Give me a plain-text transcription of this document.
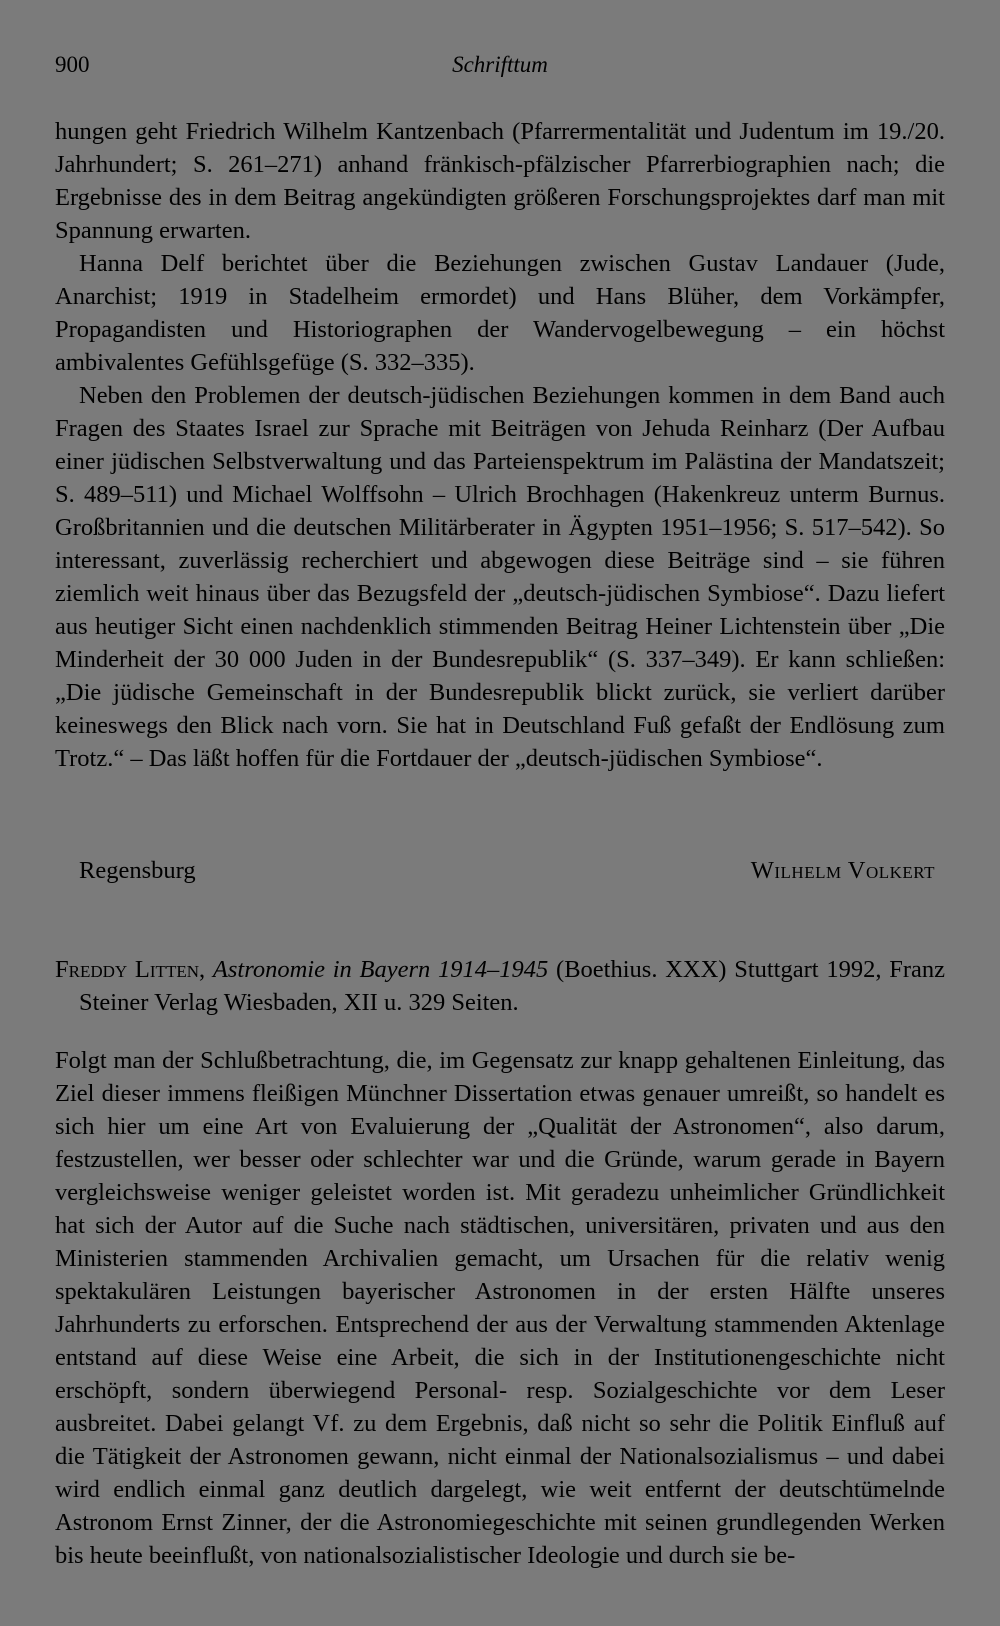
900	Schrifttum

hungen geht Friedrich Wilhelm Kantzenbach (Pfarrermentalität und Judentum im 19./20. Jahrhundert; S. 261–271) anhand fränkisch-pfälzischer Pfarrerbiographien nach; die Ergebnisse des in dem Beitrag angekündigten größeren Forschungsprojektes darf man mit Spannung erwarten.

Hanna Delf berichtet über die Beziehungen zwischen Gustav Landauer (Jude, Anarchist; 1919 in Stadelheim ermordet) und Hans Blüher, dem Vorkämpfer, Propagandisten und Historiographen der Wandervogelbewegung – ein höchst ambivalentes Gefühlsgefüge (S. 332–335).

Neben den Problemen der deutsch-jüdischen Beziehungen kommen in dem Band auch Fragen des Staates Israel zur Sprache mit Beiträgen von Jehuda Reinharz (Der Aufbau einer jüdischen Selbstverwaltung und das Parteienspektrum im Palästina der Mandatszeit; S. 489–511) und Michael Wolffsohn – Ulrich Brochhagen (Hakenkreuz unterm Burnus. Großbritannien und die deutschen Militärberater in Ägypten 1951–1956; S. 517–542). So interessant, zuverlässig recherchiert und abgewogen diese Beiträge sind – sie führen ziemlich weit hinaus über das Bezugsfeld der „deutsch-jüdischen Symbiose“. Dazu liefert aus heutiger Sicht einen nachdenklich stimmenden Beitrag Heiner Lichtenstein über „Die Minderheit der 30 000 Juden in der Bundesrepublik“ (S. 337–349). Er kann schließen: „Die jüdische Gemeinschaft in der Bundesrepublik blickt zurück, sie verliert darüber keineswegs den Blick nach vorn. Sie hat in Deutschland Fuß gefaßt der Endlösung zum Trotz.“ – Das läßt hoffen für die Fortdauer der „deutsch-jüdischen Symbiose“.

Regensburg	Wilhelm Volkert

Freddy Litten, Astronomie in Bayern 1914–1945 (Boethius. XXX) Stuttgart 1992, Franz Steiner Verlag Wiesbaden, XII u. 329 Seiten.

Folgt man der Schlußbetrachtung, die, im Gegensatz zur knapp gehaltenen Einleitung, das Ziel dieser immens fleißigen Münchner Dissertation etwas genauer umreißt, so handelt es sich hier um eine Art von Evaluierung der „Qualität der Astronomen“, also darum, festzustellen, wer besser oder schlechter war und die Gründe, warum gerade in Bayern vergleichsweise weniger geleistet worden ist. Mit geradezu unheimlicher Gründlichkeit hat sich der Autor auf die Suche nach städtischen, universitären, privaten und aus den Ministerien stammenden Archivalien gemacht, um Ursachen für die relativ wenig spektakulären Leistungen bayerischer Astronomen in der ersten Hälfte unseres Jahrhunderts zu erforschen. Entsprechend der aus der Verwaltung stammenden Aktenlage entstand auf diese Weise eine Arbeit, die sich in der Institutionengeschichte nicht erschöpft, sondern überwiegend Personal- resp. Sozialgeschichte vor dem Leser ausbreitet. Dabei gelangt Vf. zu dem Ergebnis, daß nicht so sehr die Politik Einfluß auf die Tätigkeit der Astronomen gewann, nicht einmal der Nationalsozialismus – und dabei wird endlich einmal ganz deutlich dargelegt, wie weit entfernt der deutschtümelnde Astronom Ernst Zinner, der die Astronomiegeschichte mit seinen grundlegenden Werken bis heute beeinflußt, von nationalsozialistischer Ideologie und durch sie be-
